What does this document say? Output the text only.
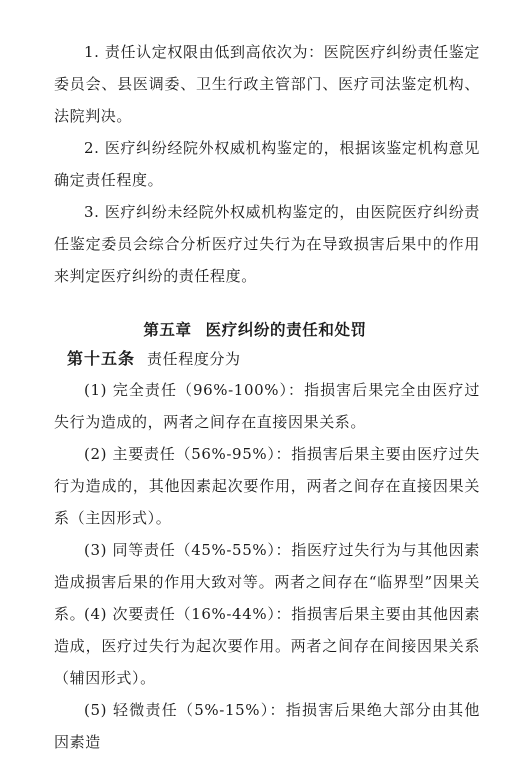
1. 责任认定权限由低到高依次为：医院医疗纠纷责任鉴定委员会、县医调委、卫生行政主管部门、医疗司法鉴定机构、法院判决。

2. 医疗纠纷经院外权威机构鉴定的，根据该鉴定机构意见确定责任程度。

3. 医疗纠纷未经院外权威机构鉴定的，由医院医疗纠纷责任鉴定委员会综合分析医疗过失行为在导致损害后果中的作用来判定医疗纠纷的责任程度。

第五章 医疗纠纷的责任和处罚

第十五条 责任程度分为

(1) 完全责任（96%-100%）：指损害后果完全由医疗过失行为造成的，两者之间存在直接因果关系。

(2) 主要责任（56%-95%）：指损害后果主要由医疗过失行为造成的，其他因素起次要作用，两者之间存在直接因果关系（主因形式）。

(3) 同等责任（45%-55%）：指医疗过失行为与其他因素造成损害后果的作用大致对等。两者之间存在“临界型”因果关系。

(4) 次要责任（16%-44%）：指损害后果主要由其他因素造成，医疗过失行为起次要作用。两者之间存在间接因果关系（辅因形式）。

(5) 轻微责任（5%-15%）：指损害后果绝大部分由其他因素造
